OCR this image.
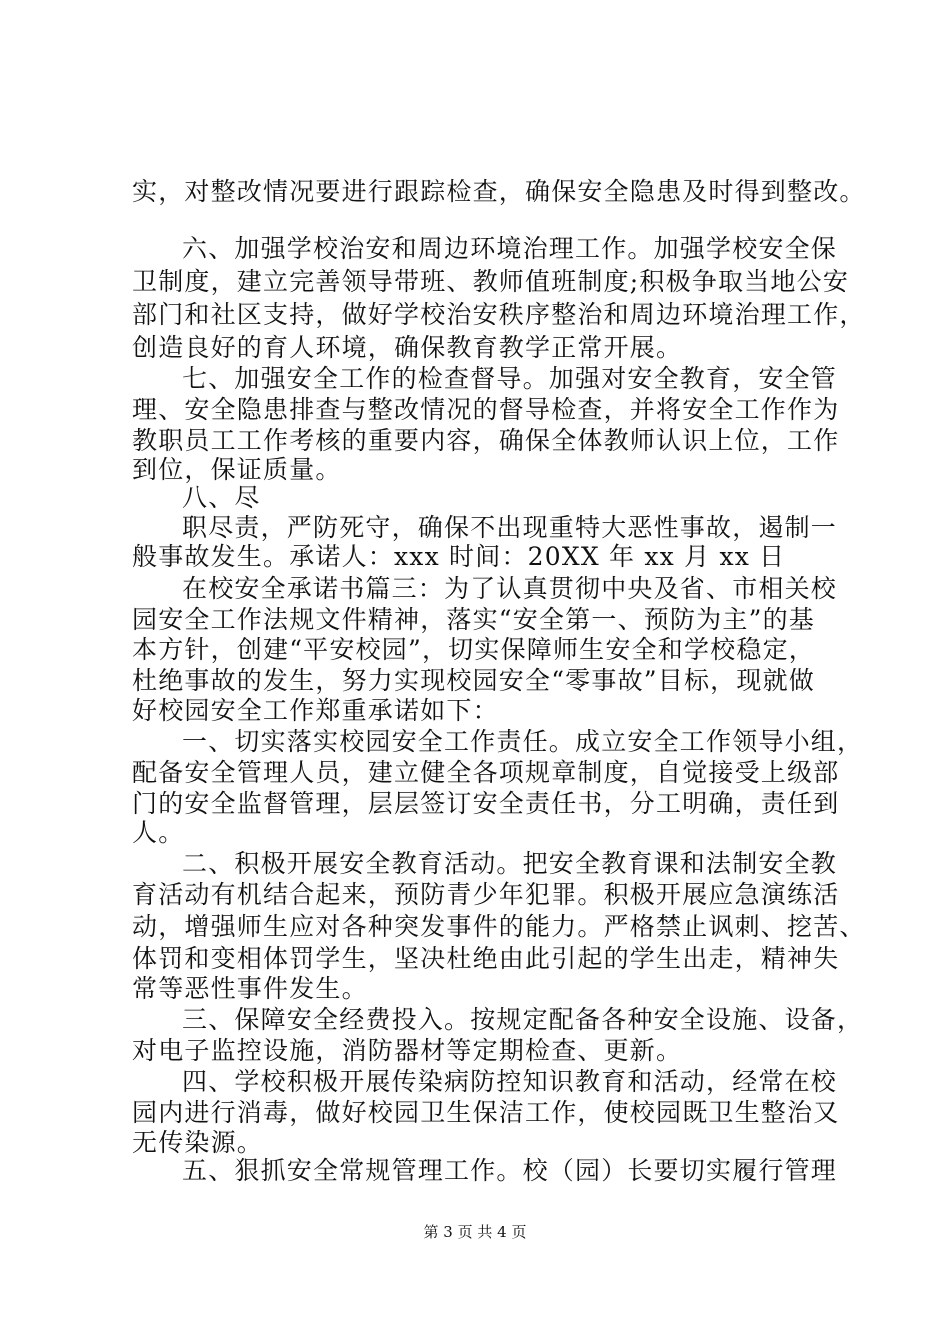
实，对整改情况要进行跟踪检查，确保安全隐患及时得到整改。
六、加强学校治安和周边环境治理工作。加强学校安全保
卫制度，建立完善领导带班、教师值班制度;积极争取当地公安
部门和社区支持，做好学校治安秩序整治和周边环境治理工作，
创造良好的育人环境，确保教育教学正常开展。
七、加强安全工作的检查督导。加强对安全教育，安全管
理、安全隐患排查与整改情况的督导检查，并将安全工作作为
教职员工工作考核的重要内容，确保全体教师认识上位，工作
到位，保证质量。
八、尽
职尽责，严防死守，确保不出现重特大恶性事故，遏制一
般事故发生。承诺人：xxx 时间：20XX 年 xx 月 xx 日
在校安全承诺书篇三：为了认真贯彻中央及省、市相关校
园安全工作法规文件精神，落实“安全第一、预防为主”的基
本方针，创建“平安校园”，切实保障师生安全和学校稳定，
杜绝事故的发生，努力实现校园安全“零事故”目标，现就做
好校园安全工作郑重承诺如下：
一、切实落实校园安全工作责任。成立安全工作领导小组，
配备安全管理人员，建立健全各项规章制度，自觉接受上级部
门的安全监督管理，层层签订安全责任书，分工明确，责任到
人。
二、积极开展安全教育活动。把安全教育课和法制安全教
育活动有机结合起来，预防青少年犯罪。积极开展应急演练活
动，增强师生应对各种突发事件的能力。严格禁止讽刺、挖苦、
体罚和变相体罚学生，坚决杜绝由此引起的学生出走，精神失
常等恶性事件发生。
三、保障安全经费投入。按规定配备各种安全设施、设备，
对电子监控设施，消防器材等定期检查、更新。
四、学校积极开展传染病防控知识教育和活动，经常在校
园内进行消毒，做好校园卫生保洁工作，使校园既卫生整治又
无传染源。
五、狠抓安全常规管理工作。校（园）长要切实履行管理
第 3 页 共 4 页
